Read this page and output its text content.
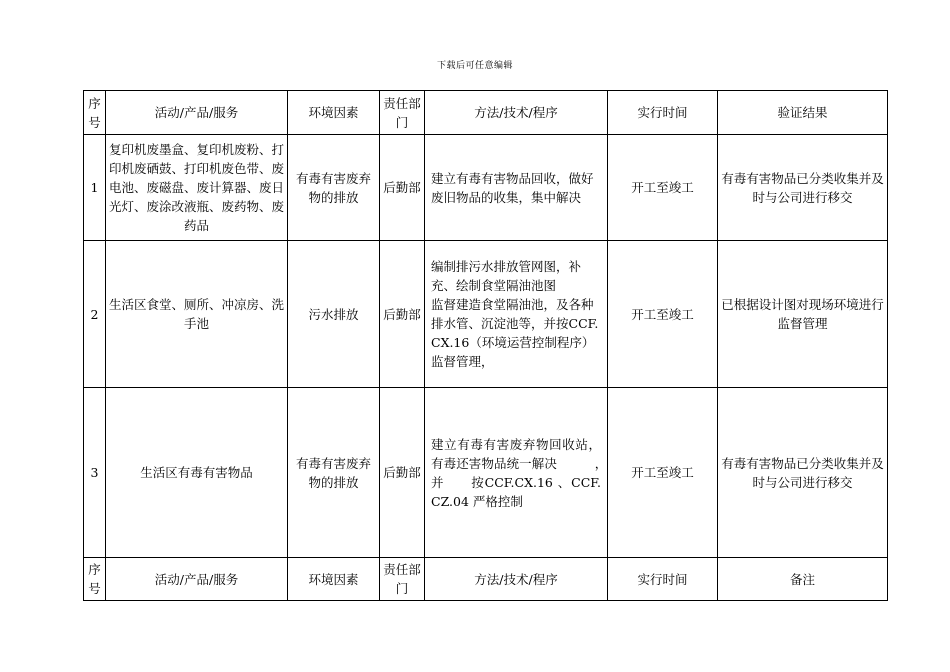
下载后可任意编辑
序号	活动/产品/服务	环境因素	责任部门	方法/技术/程序	实行时间	验证结果
1	复印机废墨盒、复印机废粉、打印机废硒鼓、打印机废色带、废电池、废磁盘、废计算器、废日光灯、废涂改液瓶、废药物、废药品	有毒有害废弃物的排放	后勤部	建立有毒有害物品回收，做好废旧物品的收集，集中解决	开工至竣工	有毒有害物品已分类收集并及时与公司进行移交
2	生活区食堂、厕所、冲凉房、洗手池	污水排放	后勤部	编制排污水排放管网图，补充、绘制食堂隔油池图
监督建造食堂隔油池，及各种排水管、沉淀池等，并按CCF.CX.16（环境运营控制程序）监督管理，	开工至竣工	已根据设计图对现场环境进行监督管理
3	生活区有毒有害物品	有毒有害废弃物的排放	后勤部	建立有毒有害废弃物回收站，有毒还害物品统一解决　　　，　　　并　　按CCF.CX.16 、CCF.CZ.04 严格控制	开工至竣工	有毒有害物品已分类收集并及时与公司进行移交
序号	活动/产品/服务	环境因素	责任部门	方法/技术/程序	实行时间	备注
